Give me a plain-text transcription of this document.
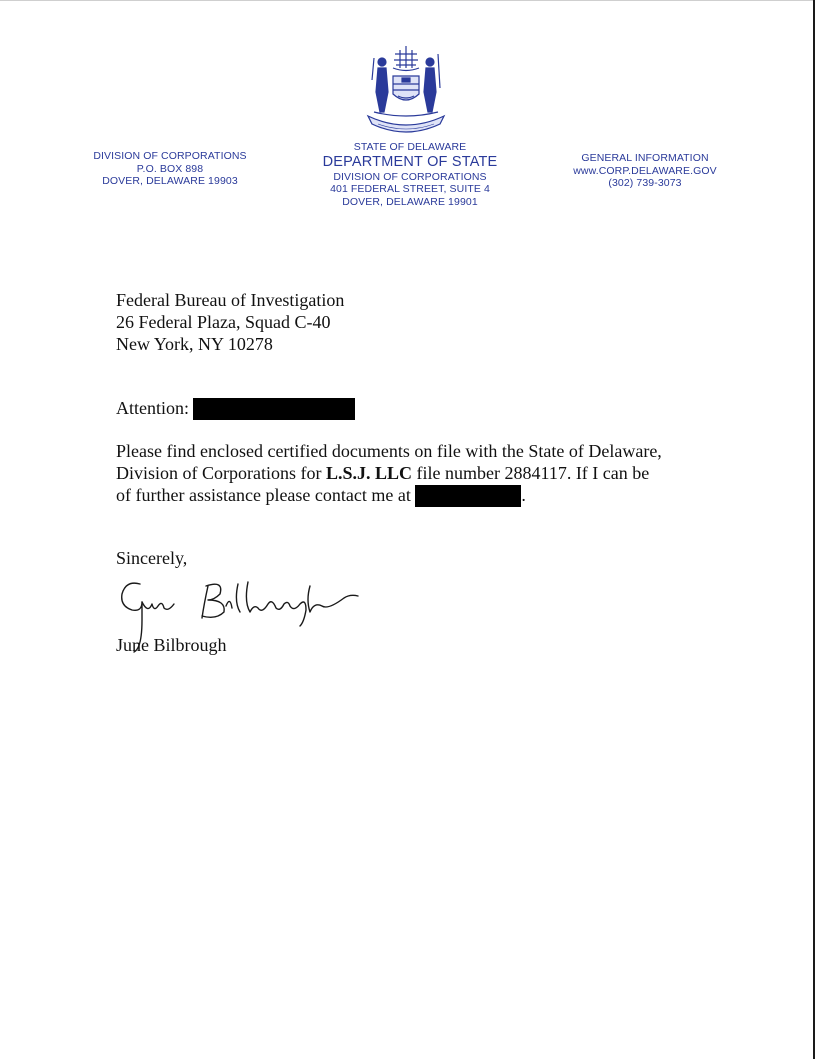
DIVISION OF CORPORATIONS
P.O. BOX 898
DOVER, DELAWARE 19903
STATE OF DELAWARE
DEPARTMENT OF STATE
DIVISION OF CORPORATIONS
401 FEDERAL STREET, SUITE 4
DOVER, DELAWARE 19901
GENERAL INFORMATION
www.CORP.DELAWARE.GOV
(302) 739-3073
Federal Bureau of Investigation
26 Federal Plaza, Squad C-40
New York, NY 10278
Attention:
Please find enclosed certified documents on file with the State of Delaware,
Division of Corporations for L.S.J. LLC file number 2884117. If I can be
of further assistance please contact me at	.
Sincerely,
June Bilbrough
